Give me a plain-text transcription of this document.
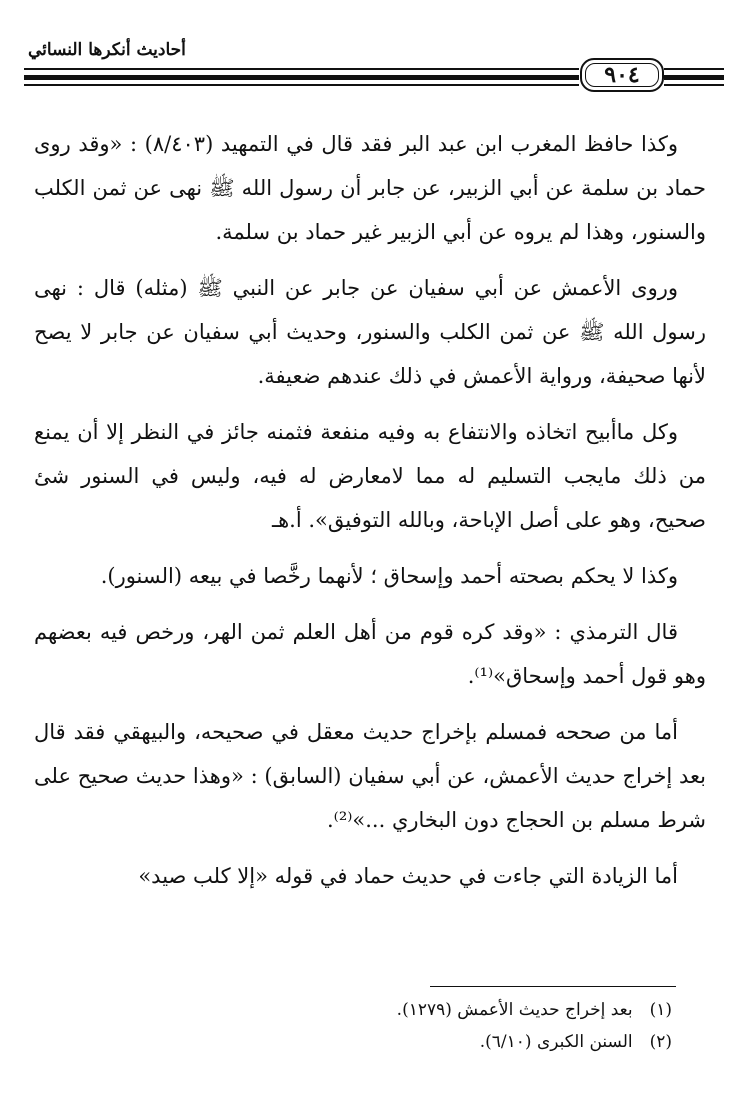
أحاديث أنكرها النسائي
٩٠٤

وكذا حافظ المغرب ابن عبد البر فقد قال في التمهيد (٨/٤٠٣) : «وقد روى حماد بن سلمة عن أبي الزبير، عن جابر أن رسول الله ﷺ نهى عن ثمن الكلب والسنور، وهذا لم يروه عن أبي الزبير غير حماد بن سلمة.

وروى الأعمش عن أبي سفيان عن جابر عن النبي ﷺ (مثله) قال : نهى رسول الله ﷺ عن ثمن الكلب والسنور، وحديث أبي سفيان عن جابر لا يصح لأنها صحيفة، ورواية الأعمش في ذلك عندهم ضعيفة.

وكل ماأبيح اتخاذه والانتفاع به وفيه منفعة فثمنه جائز في النظر إلا أن يمنع من ذلك مايجب التسليم له مما لامعارض له فيه، وليس في السنور شئ صحيح، وهو على أصل الإباحة، وبالله التوفيق». أ.هـ

وكذا لا يحكم بصحته أحمد وإسحاق ؛ لأنهما رخَّصا في بيعه (السنور).

قال الترمذي : «وقد كره قوم من أهل العلم ثمن الهر، ورخص فيه بعضهم وهو قول أحمد وإسحاق»⁽¹⁾.

أما من صححه فمسلم بإخراج حديث معقل في صحيحه، والبيهقي فقد قال بعد إخراج حديث الأعمش، عن أبي سفيان (السابق) : «وهذا حديث صحيح على شرط مسلم بن الحجاج دون البخاري ...»⁽²⁾.

أما الزيادة التي جاءت في حديث حماد في قوله «إلا كلب صيد»

(١) بعد إخراج حديث الأعمش (١٢٧٩).
(٢) السنن الكبرى (٦/١٠).
